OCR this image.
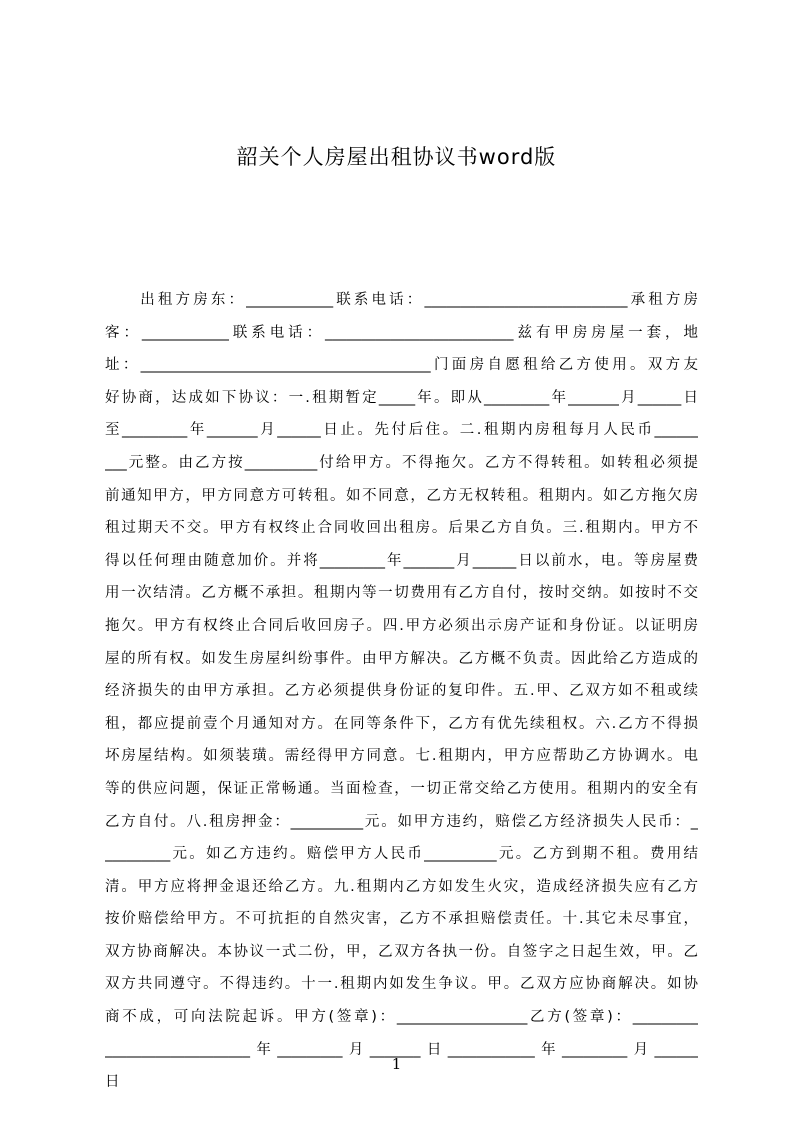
韶关个人房屋出租协议书word版
　　出租方房东：____________联系电话：____________________________承租方房
客：____________联系电话：__________________________兹有甲房房屋一套，地
址：________________________________________门面房自愿租给乙方使用。双方友
好协商，达成如下协议：一.租期暂定_____年。即从_________年_______月______日
至_________年_______月______日止。先付后住。二.租期内房租每月人民币______
___元整。由乙方按__________付给甲方。不得拖欠。乙方不得转租。如转租必须提
前通知甲方，甲方同意方可转租。如不同意，乙方无权转租。租期内。如乙方拖欠房
租过期天不交。甲方有权终止合同收回出租房。后果乙方自负。三.租期内。甲方不
得以任何理由随意加价。并将_________年_______月______日以前水，电。等房屋费
用一次结清。乙方概不承担。租期内等一切费用有乙方自付，按时交纳。如按时不交
拖欠。甲方有权终止合同后收回房子。四.甲方必须出示房产证和身份证。以证明房
屋的所有权。如发生房屋纠纷事件。由甲方解决。乙方概不负责。因此给乙方造成的
经济损失的由甲方承担。乙方必须提供身份证的复印件。五.甲、乙双方如不租或续
租，都应提前壹个月通知对方。在同等条件下，乙方有优先续租权。六.乙方不得损
坏房屋结构。如须装璜。需经得甲方同意。七.租期内，甲方应帮助乙方协调水。电
等的供应问题，保证正常畅通。当面检查，一切正常交给乙方使用。租期内的安全有
乙方自付。八.租房押金：__________元。如甲方违约，赔偿乙方经济损失人民币：_
_________元。如乙方违约。赔偿甲方人民币__________元。乙方到期不租。费用结
清。甲方应将押金退还给乙方。九.租期内乙方如发生火灾，造成经济损失应有乙方
按价赔偿给甲方。不可抗拒的自然灾害，乙方不承担赔偿责任。十.其它未尽事宜，
双方协商解决。本协议一式二份，甲，乙双方各执一份。自签字之日起生效，甲。乙
双方共同遵守。不得违约。十一.租期内如发生争议。甲。乙双方应协商解决。如协
商不成，可向法院起诉。甲方(签章)：__________________乙方(签章)：_________
____________________年_________月_______日____________年_________月______
日
1
